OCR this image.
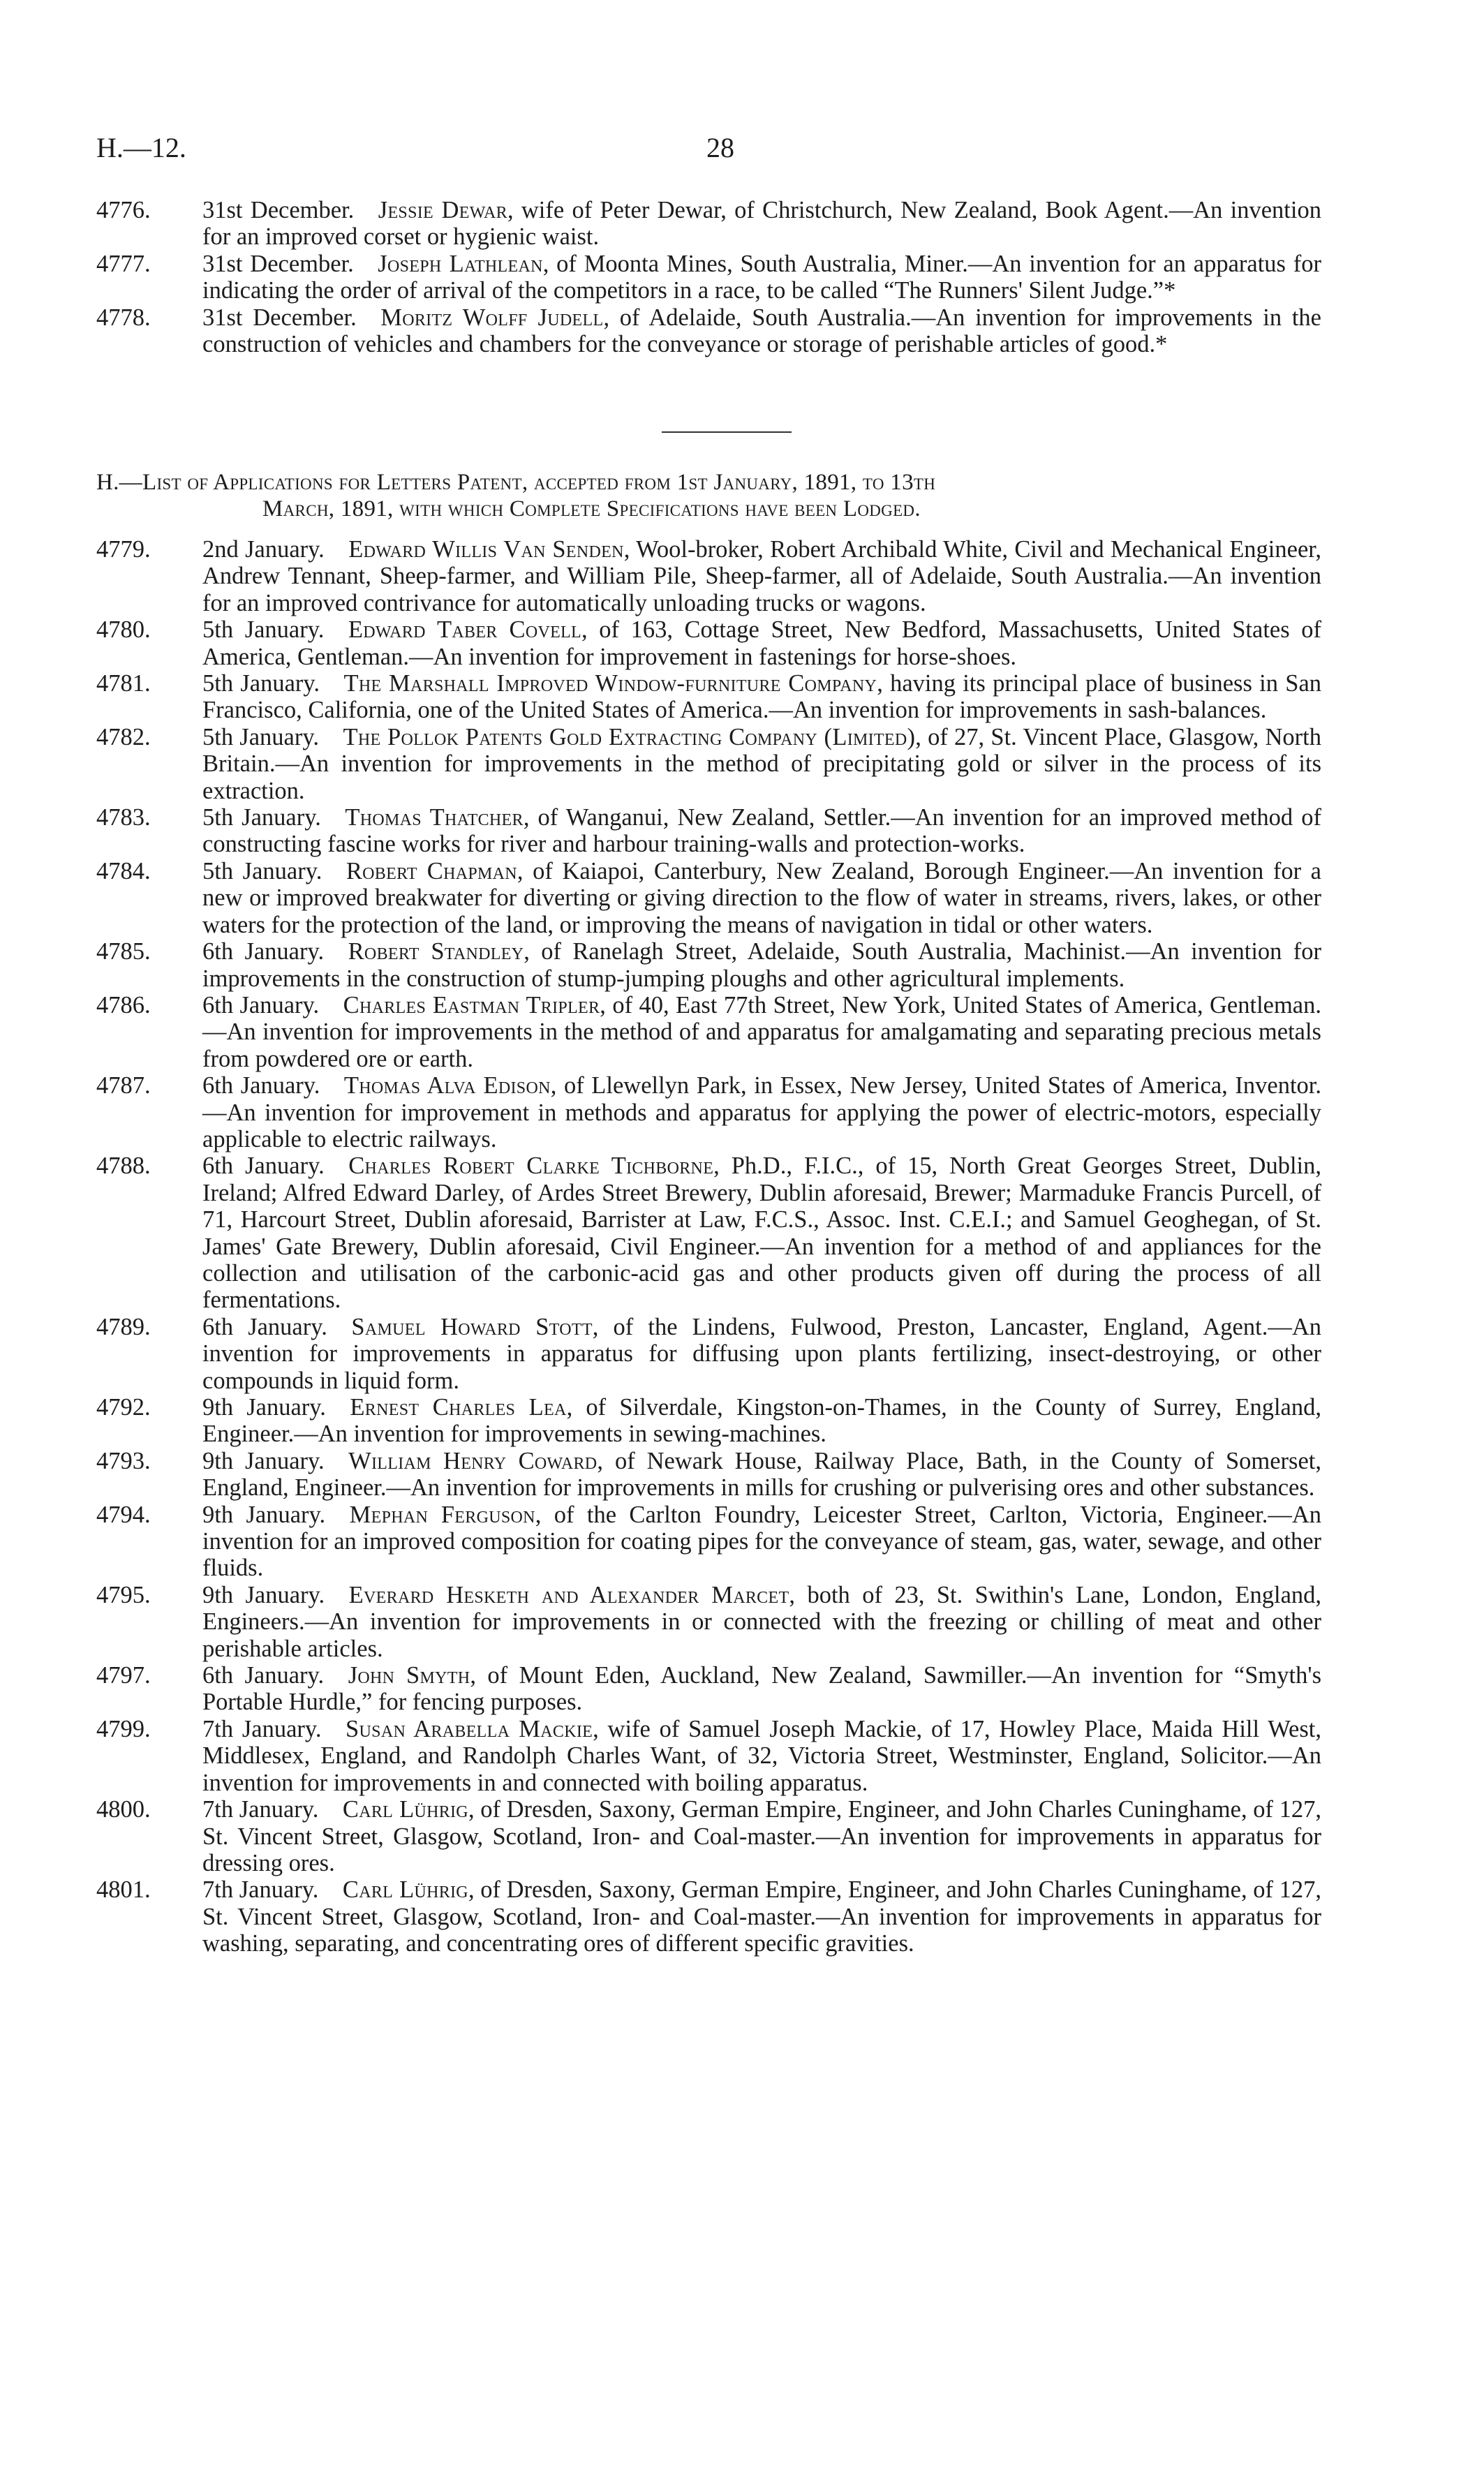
H.—12.	28

4776. 31st December.  Jessie Dewar, wife of Peter Dewar, of Christchurch, New Zealand, Book Agent.—An invention for an improved corset or hygienic waist.

4777. 31st December.  Joseph Lathlean, of Moonta Mines, South Australia, Miner.—An invention for an apparatus for indicating the order of arrival of the competitors in a race, to be called “The Runners' Silent Judge.”*

4778. 31st December.  Moritz Wolff Judell, of Adelaide, South Australia.—An invention for improvements in the construction of vehicles and chambers for the conveyance or storage of perishable articles of good.*

H.—List of Applications for Letters Patent, accepted from 1st January, 1891, to 13th
March, 1891, with which Complete Specifications have been Lodged.

4779. 2nd January.  Edward Willis Van Senden, Wool-broker, Robert Archibald White, Civil and Mechanical Engineer, Andrew Tennant, Sheep-farmer, and William Pile, Sheep-farmer, all of Adelaide, South Australia.—An invention for an improved contrivance for automatically unloading trucks or wagons.

4780. 5th January.  Edward Taber Covell, of 163, Cottage Street, New Bedford, Massachusetts, United States of America, Gentleman.—An invention for improvement in fastenings for horse-shoes.

4781. 5th January.  The Marshall Improved Window-furniture Company, having its principal place of business in San Francisco, California, one of the United States of America.—An invention for improvements in sash-balances.

4782. 5th January.  The Pollok Patents Gold Extracting Company (Limited), of 27, St. Vincent Place, Glasgow, North Britain.—An invention for improvements in the method of precipitating gold or silver in the process of its extraction.

4783. 5th January.  Thomas Thatcher, of Wanganui, New Zealand, Settler.—An invention for an improved method of constructing fascine works for river and harbour training-walls and protection-works.

4784. 5th January.  Robert Chapman, of Kaiapoi, Canterbury, New Zealand, Borough Engineer.—An invention for a new or improved breakwater for diverting or giving direction to the flow of water in streams, rivers, lakes, or other waters for the protection of the land, or improving the means of navigation in tidal or other waters.

4785. 6th January.  Robert Standley, of Ranelagh Street, Adelaide, South Australia, Machinist.—An invention for improvements in the construction of stump-jumping ploughs and other agricultural implements.

4786. 6th January.  Charles Eastman Tripler, of 40, East 77th Street, New York, United States of America, Gentleman.—An invention for improvements in the method of and apparatus for amalgamating and separating precious metals from powdered ore or earth.

4787. 6th January.  Thomas Alva Edison, of Llewellyn Park, in Essex, New Jersey, United States of America, Inventor.—An invention for improvement in methods and apparatus for applying the power of electric-motors, especially applicable to electric railways.

4788. 6th January.  Charles Robert Clarke Tichborne, Ph.D., F.I.C., of 15, North Great Georges Street, Dublin, Ireland; Alfred Edward Darley, of Ardes Street Brewery, Dublin aforesaid, Brewer; Marmaduke Francis Purcell, of 71, Harcourt Street, Dublin aforesaid, Barrister at Law, F.C.S., Assoc. Inst. C.E.I.; and Samuel Geoghegan, of St. James' Gate Brewery, Dublin aforesaid, Civil Engineer.—An invention for a method of and appliances for the collection and utilisation of the carbonic-acid gas and other products given off during the process of all fermentations.

4789. 6th January.  Samuel Howard Stott, of the Lindens, Fulwood, Preston, Lancaster, England, Agent.—An invention for improvements in apparatus for diffusing upon plants fertilizing, insect-destroying, or other compounds in liquid form.

4792. 9th January.  Ernest Charles Lea, of Silverdale, Kingston-on-Thames, in the County of Surrey, England, Engineer.—An invention for improvements in sewing-machines.

4793. 9th January.  William Henry Coward, of Newark House, Railway Place, Bath, in the County of Somerset, England, Engineer.—An invention for improvements in mills for crushing or pulverising ores and other substances.

4794. 9th January.  Mephan Ferguson, of the Carlton Foundry, Leicester Street, Carlton, Victoria, Engineer.—An invention for an improved composition for coating pipes for the conveyance of steam, gas, water, sewage, and other fluids.

4795. 9th January.  Everard Hesketh and Alexander Marcet, both of 23, St. Swithin's Lane, London, England, Engineers.—An invention for improvements in or connected with the freezing or chilling of meat and other perishable articles.

4797. 6th January.  John Smyth, of Mount Eden, Auckland, New Zealand, Sawmiller.—An invention for “Smyth's Portable Hurdle,” for fencing purposes.

4799. 7th January.  Susan Arabella Mackie, wife of Samuel Joseph Mackie, of 17, Howley Place, Maida Hill West, Middlesex, England, and Randolph Charles Want, of 32, Victoria Street, Westminster, England, Solicitor.—An invention for improvements in and connected with boiling apparatus.

4800. 7th January.  Carl Lührig, of Dresden, Saxony, German Empire, Engineer, and John Charles Cuninghame, of 127, St. Vincent Street, Glasgow, Scotland, Iron- and Coal-master.—An invention for improvements in apparatus for dressing ores.

4801. 7th January.  Carl Lührig, of Dresden, Saxony, German Empire, Engineer, and John Charles Cuninghame, of 127, St. Vincent Street, Glasgow, Scotland, Iron- and Coal-master.—An invention for improvements in apparatus for washing, separating, and concentrating ores of different specific gravities.
